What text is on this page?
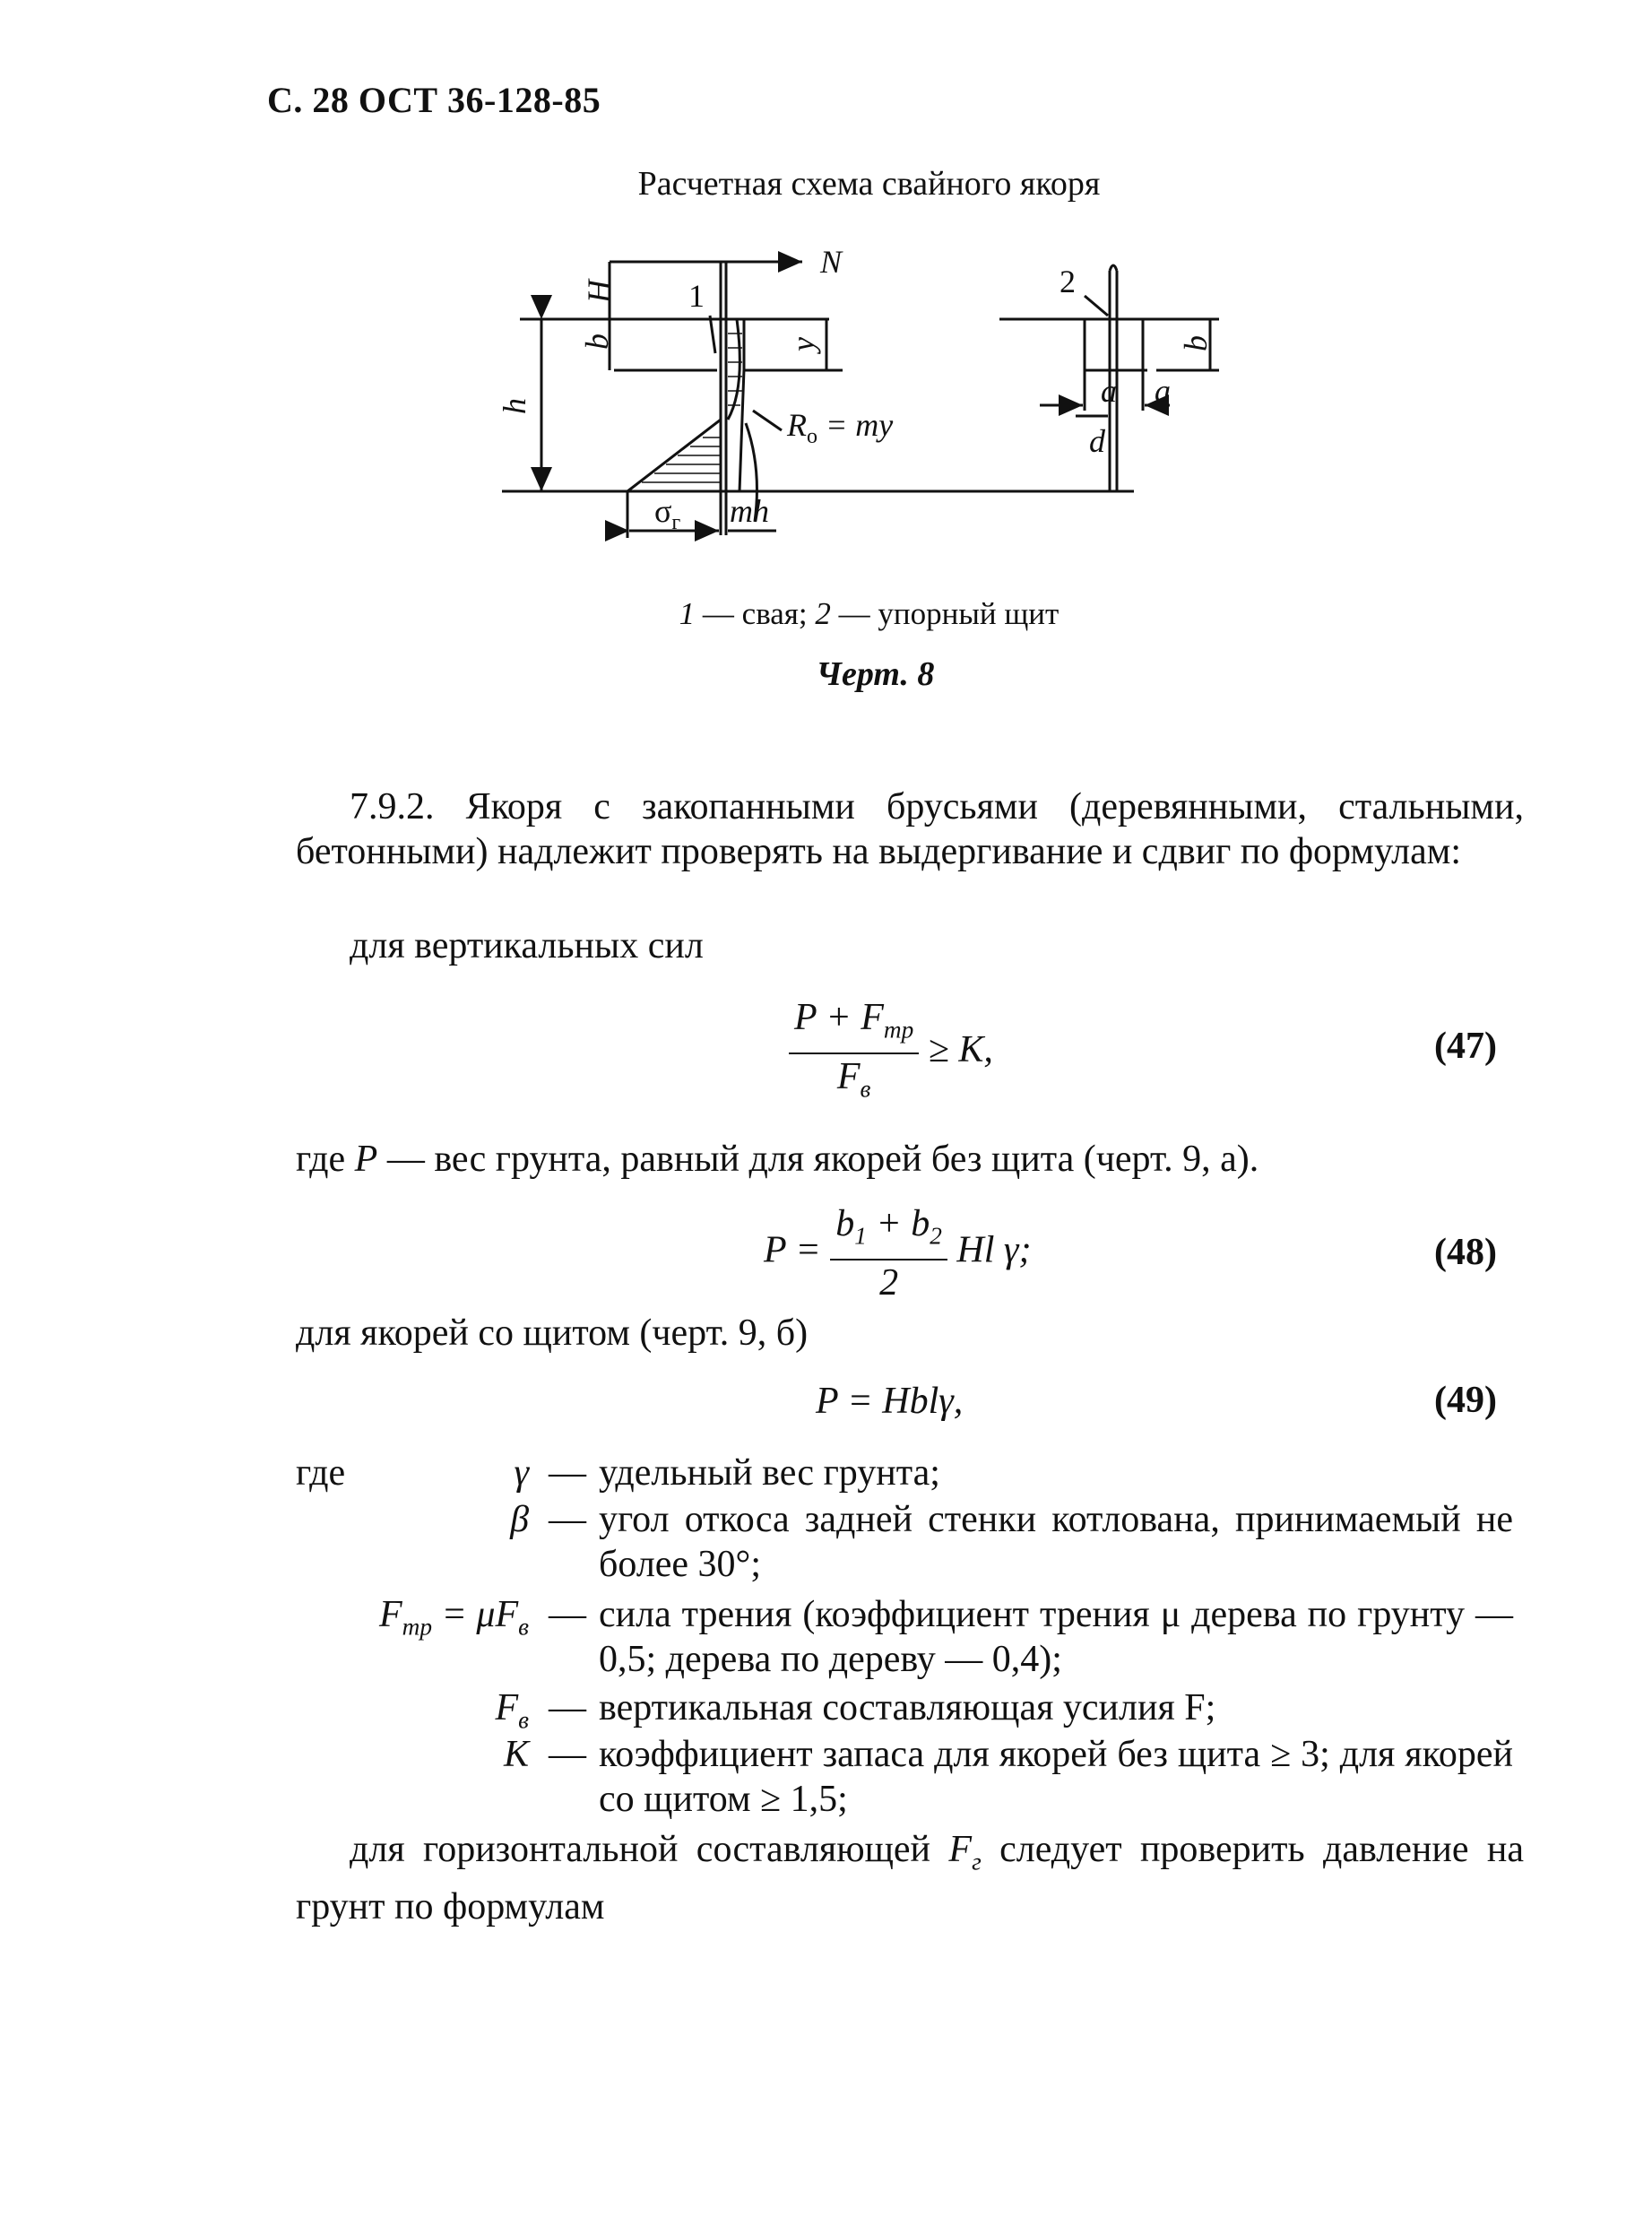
С. 28 ОСТ 36-128-85
Расчетная схема свайного якоря
N
H
b
h
y
1	2
$R_о$ = my
$\sigma_г$ mh
a a
d
b
1 — свая; 2 — упорный щит
Черт. 8
7.9.2. Якоря с закопанными брусьями (деревянными, стальными, бетонными) надлежит проверять на выдергивание и сдвиг по формулам:
для вертикальных сил
$\frac{P + F_{тр}}{F_в} \ge K$,	(47)
где P — вес грунта, равный для якорей без щита (черт. 9, а).
$P = \frac{b_1 + b_2}{2}$ Hl γ;	(48)
для якорей со щитом (черт. 9, б)
P = Hblγ,	(49)
где	γ — удельный вес грунта;
β — угол откоса задней стенки котлована, принимаемый не более 30°;
$F_{тр} = \mu F_в$ — сила трения (коэффициент трения μ дерева по грунту — 0,5; дерева по дереву — 0,4);
$F_в$ — вертикальная составляющая усилия F;
K — коэффициент запаса для якорей без щита ≥ 3; для якорей со щитом ≥ 1,5;
для горизонтальной составляющей $F_г$ следует проверить давление на грунт по формулам
